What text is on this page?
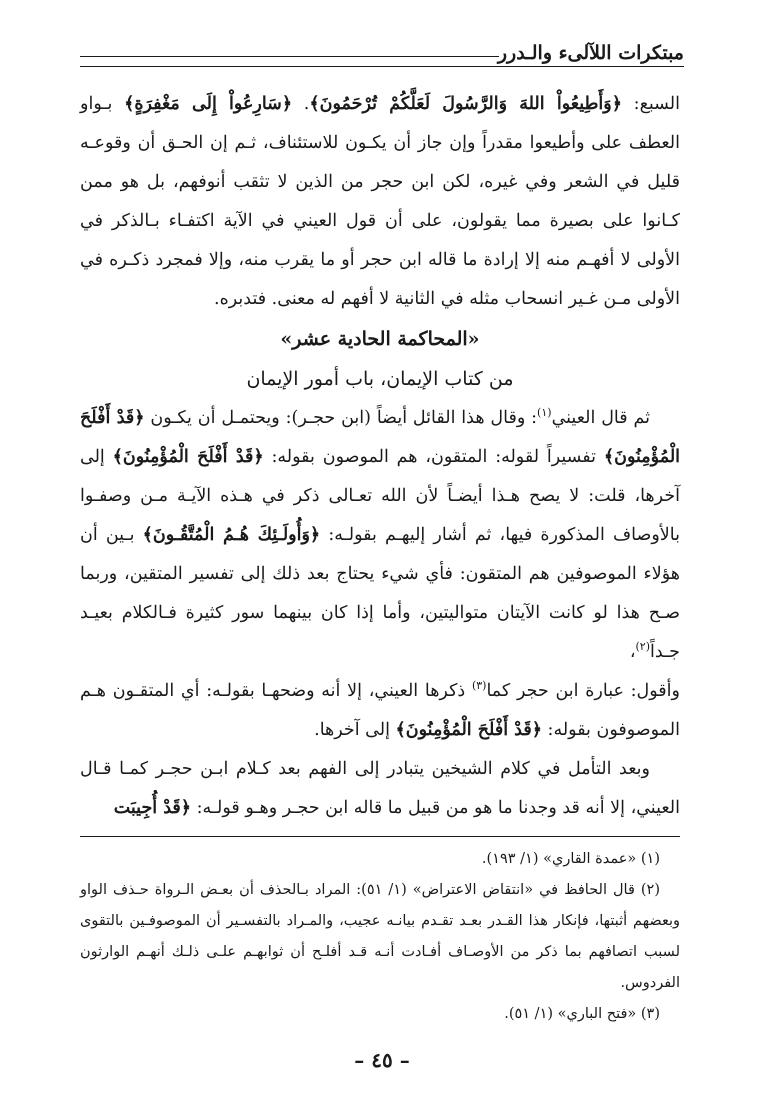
مبتكرات اللآلىء والـدرر

السبع: ﴿وَأَطِيعُواْ اللهَ وَالرَّسُولَ لَعَلَّكُمْ تُرْحَمُونَ﴾. ﴿سَارِعُواْ إِلَى مَغْفِرَةٍ﴾ بـواو العطف على وأطيعوا مقدراً وإن جاز أن يكـون للاستئناف، ثـم إن الحـق أن وقوعـه قليل في الشعر وفي غيره، لكن ابن حجر من الذين لا تثقب أنوفهم، بل هو ممن كـانوا على بصيرة مما يقولون، على أن قول العيني في الآية اكتفـاء بـالذكر في الأولى لا أفهـم منه إلا إرادة ما قاله ابن حجر أو ما يقرب منه، وإلا فمجرد ذكـره في الأولى مـن غـير انسحاب مثله في الثانية لا أفهم له معنى. فتدبره.

«المحاكمة الحادية عشر»
من كتاب الإيمان، باب أمور الإيمان

ثم قال العيني$^{(١)}$: وقال هذا القائل أيضاً (ابن حجـر): ويحتمـل أن يكـون ﴿قَدْ أَفْلَحَ الْمُؤْمِنُونَ﴾ تفسيراً لقوله: المتقون، هم الموصون بقوله: ﴿قَدْ أَفْلَحَ الْمُؤْمِنُونَ﴾ إلى آخرها، قلت: لا يصح هـذا أيضـاً لأن الله تعـالى ذكر في هـذه الآيـة مـن وصفـوا بالأوصاف المذكورة فيها، ثم أشار إليهـم بقولـه: ﴿وَأُولَـئِكَ هُـمُ الْمُتَّقُـونَ﴾ بـين أن هؤلاء الموصوفين هم المتقون: فأي شيء يحتاج بعد ذلك إلى تفسير المتقين، وربما صـح هذا لو كانت الآيتان متواليتين، وأما إذا كان بينهما سور كثيرة فـالكلام بعيـد جـداً$^{(٢)}$،

وأقول: عبارة ابن حجر كما$^{(٣)}$ ذكرها العيني، إلا أنه وضحهـا بقولـه: أي المتقـون هـم الموصوفون بقوله: ﴿قَدْ أَفْلَحَ الْمُؤْمِنُونَ﴾ إلى آخرها.

وبعد التأمل في كلام الشيخين يتبادر إلى الفهم بعد كـلام ابـن حجـر كمـا قـال العيني، إلا أنه قد وجدنا ما هو من قبيل ما قاله ابن حجـر وهـو قولـه: ﴿قَدْ أُجِيبَت

(١) «عمدة القاري» (١/ ١٩٣).

(٢) قال الحافظ في «انتقاض الاعتراض» (١/ ٥١): المراد بـالحذف أن بعـض الـرواة حـذف الواو وبعضهم أثبتها، فإنكار هذا القـدر بعـد تقـدم بيانـه عجيب، والمـراد بالتفسـير أن الموصوفـين بالتقوى لسبب اتصافهم بما ذكر من الأوصـاف أفـادت أنـه قـد أفلـح أن ثوابهـم علـى ذلـك أنهـم الوارثون الفردوس.

(٣) «فتح الباري» (١/ ٥١).

– ٤٥ –
